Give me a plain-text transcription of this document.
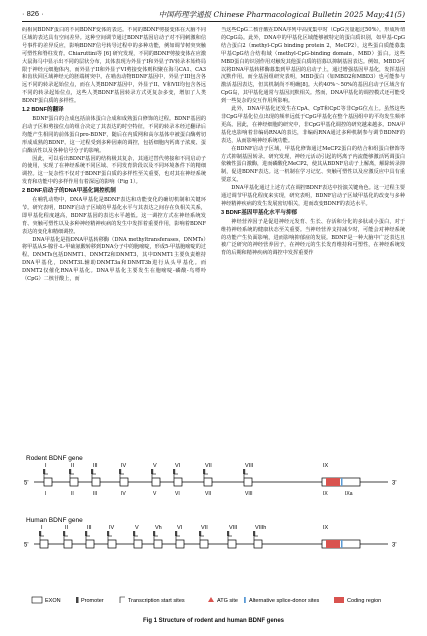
· 826 ·	中国药理学通报 Chinese Pharmacological Bulletin 2025 May;41(5)

码相同BDNF蛋白的不同BDNF变体的表达。不同的BDNF剪接变体在大脑不同区域的表达具有空间差异。这种空间调节通过BDNF基因启动子对不同刺激和信号事件的差异反应，影响BDNF信号转导过程中的多种功能，例如调节树突突触可塑性和脊柱发育。Chiaruttini等 [6] 研究发现，不同的BDNF剪接变体在应激大鼠海马中显示出不同的层状分布，其体表现为外显子I和外显子IV转录本始终局限于神经元细胞体内，而外显子II和外显子VI剪接变体则积聚在海马CA1、CA3和齿状回区域神经元的胚端树突中。在啮齿动物BDNF基因中，外显子III包含各远不同的转录起始位点，而在人类BDNF基因中，外显子II、V和VII均包含各远不同的转录起始位点，这些人类BDNF基因转录方式更复杂多变，增加了人类BDNF蛋白质的多样性。

1.2 BDNF的翻译

BDNF蛋白的合成包括前体蛋白合成和成熟蛋白修饰的过程。BDNF基因的启动子区和剪接位点的组合决定了其表达的时空特征，不同的转录本经过翻译后均能产生相同的前体蛋白pro-BDNF，随后在内质网和高尔基体中被蛋白酶剪切形成成熟的BDNF。这一过程受到多种因素的调控，包括细胞内钙离子浓度、蛋白酶活性以及各种信号分子的影响。

因此，可以看出BDNF基因的结构极其复杂，其通过替代剪接和不同启动子的使用，实现了在神经系统不同区域、不同发育阶段以及不同环境条件下的精细调控。这一复杂性不仅对于BDNF蛋白质的多样性至关重要，也对其在神经系统发育和功能中的多样作用有着深远的影响（Fig 1）。

2 BDNF启动子的DNA甲基化调控机制

在哺乳动物中，DNA甲基化是BDNF表达和功能变化的确切机制和关键环节。研究表明，BDNF启动子区域的甲基化水平与其表达之间存在负相关关系，即甲基化程度越高，BDNF基因的表达水平越低。这一调控方式在神经系统发育、突触可塑性以及多种神经精神疾病的发生中发挥着重要作用，影响着BDNF表达的变化和精细调控。

DNA甲基化是指DNA甲基转移酶（DNA methyltransferases，DNMTs）将甲基从S-腺苷-L-甲硫氨酸转移到DNA分子中的胞嘧啶，形成5-甲基胞嘧啶的过程。DNMTs包括DNMT1、DNMT2和DNMT3，其中DNMT1主要负责维持DNA甲基化，DNMT3L辅助DNMT3a和DNMT3b进行从头甲基化。而DNMT2仅催化RNA甲基化。DNA甲基化主要发生在胞嘧啶-磷酸-鸟嘌呤（CpG）二核苷酸上，而

当这些CpG二核苷酸在DNA序列中高度集中时（CpG含量超过50%），形成所谓的CpG岛。此外，DNA中的甲基化区域能够被特定的蛋白质识别，如甲基-CpG结合蛋白2（methyl-CpG binding protein 2，MeCP2），这些蛋白质能募集甲基CpG结合结构域（methyl-CpG-binding domain，MBD）蛋白。这些MBD蛋白的识别作用对触发其他蛋白质的招募以抑制基因表达。例如，MBD3可以将DNA甲基转移酶募集到甲基因的启动子上，通过增强基因甲基化，发挥基因沉默作用。而全基因组研究表明，MBD蛋白（如MBD2和MBD3）也可能参与激活基因表达，但其机制尚不明确[8]。大约40%～50%的基因启动子区域含有CpG岛，其甲基化通常与基因沉默相关。然而，DNA甲基化的调控模式还可能受到一些复杂的交互作用所影响。

此外，DNA甲基化还发生在CpA、CpT和CpC等非CpG位点上。虽然这些非CpG甲基化位点出现的频率远低于CpG甲基化在整个基因组中的平均发生频率更高。因此，在神经细胞的研究中，非CpG甲基化调控的研究越来越多。DNA甲基化也影响着非编码RNA的表达，非编码RNA通过多种机制参与调节BDNF的表达，从而影响神经系统功能。

在BDNF启动子区域，甲基化修饰通过MeCP2蛋白的结合和组蛋白修饰等方式抑制基因转录。研究发现，神经元活动引起的钙离子内流能够激活钙调蛋白依赖性蛋白激酶，进而磷酸化MeCP2，使其从BDNF启动子上解离，解除转录抑制，促进BDNF表达。这一机制在学习记忆、突触可塑性以及应激反应中具有重要意义。

DNA甲基化通过上述方式在调控BDNF表达中扮演关键角色。这一过程主要通过调节甲基化程度来实现，研究表明，BDNF启动子区域甲基化的改变与多种神经精神疾病的发生发展密切相关，进而改变BDNF的表达水平。

3 BDNF基因甲基化水平与抑郁

神经营养因子是促进神经元发育、生长、存活和分化的多肽或小蛋白，对于维持神经系统的健康状态至关重要。当神经营养支持减少时，可能会对神经系统的功能产生负面影响，进而影响抑郁症的发展。BDNF是一种大脑中广泛表达且被广泛研究的神经营养因子，在神经元的生长发育维持和可塑性，在神经系统发育的后期和精神疾病的调控中发挥重要作

Rodent BDNF gene
5'	3'
I	II	III	IV	V	VI	VII	VIII	IX
I	II	III	IV	V	VI	VII	VIII	IX	IXa
Human BDNF gene
5'	3'
I	II	III	IV	V	Vh	VI	VII	VIII	VIIIh	IX
EXON	Promoter	Transcription start sites	ATG site Alternative splice-donor sites	Coding region
Fig 1 Structure of rodent and human BDNF genes
